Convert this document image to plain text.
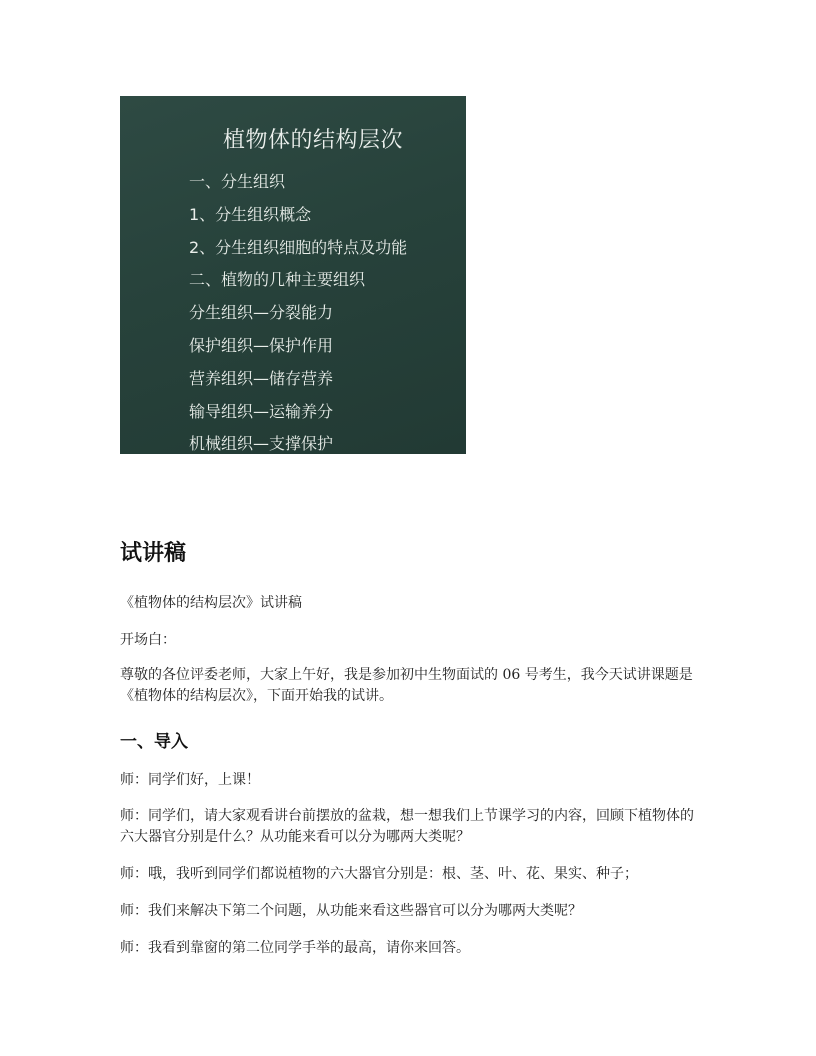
植物体的结构层次
一、分生组织
1、分生组织概念
2、分生组织细胞的特点及功能
二、植物的几种主要组织
分生组织—分裂能力
保护组织—保护作用
营养组织—储存营养
输导组织—运输养分
机械组织—支撑保护
试讲稿

《植物体的结构层次》试讲稿

开场白：

尊敬的各位评委老师，大家上午好，我是参加初中生物面试的 06 号考生，我今天试讲课题是《植物体的结构层次》，下面开始我的试讲。

一、导入

师：同学们好，上课！

师：同学们，请大家观看讲台前摆放的盆栽，想一想我们上节课学习的内容，回顾下植物体的六大器官分别是什么？从功能来看可以分为哪两大类呢？

师：哦，我听到同学们都说植物的六大器官分别是：根、茎、叶、花、果实、种子；

师：我们来解决下第二个问题，从功能来看这些器官可以分为哪两大类呢？

师：我看到靠窗的第二位同学手举的最高，请你来回答。
